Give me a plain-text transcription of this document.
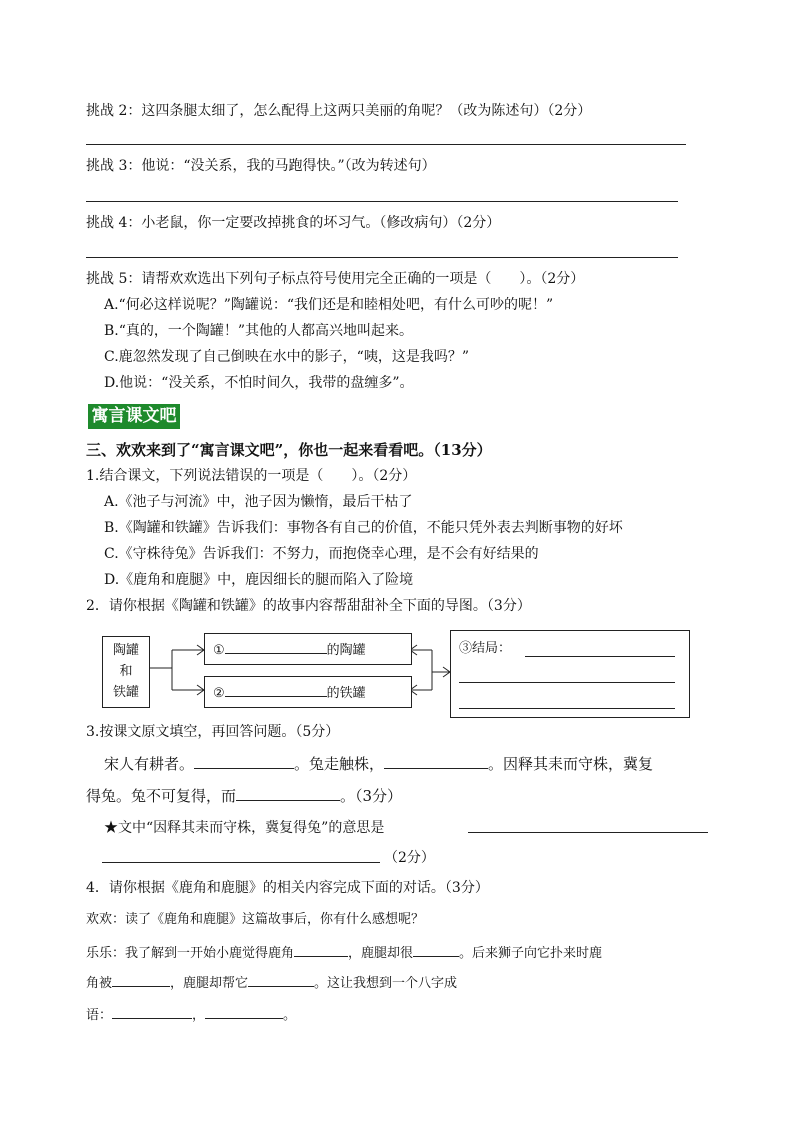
挑战 2：这四条腿太细了，怎么配得上这两只美丽的角呢？（改为陈述句）（2分）
挑战 3：他说：“没关系，我的马跑得快。”（改为转述句）
挑战 4：小老鼠，你一定要改掉挑食的坏习气。（修改病句）（2分）
挑战 5：请帮欢欢选出下列句子标点符号使用完全正确的一项是（　　）。（2分）
A.“何必这样说呢？”陶罐说：“我们还是和睦相处吧，有什么可吵的呢！”
B.“真的，一个陶罐！”其他的人都高兴地叫起来。
C.鹿忽然发现了自己倒映在水中的影子，“咦，这是我吗？”
D.他说：“没关系，不怕时间久，我带的盘缠多”。
寓言课文吧
三、欢欢来到了“寓言课文吧”，你也一起来看看吧。（13分）
1.结合课文，下列说法错误的一项是（　　）。（2分）
A.《池子与河流》中，池子因为懒惰，最后干枯了
B.《陶罐和铁罐》告诉我们：事物各有自己的价值，不能只凭外表去判断事物的好坏
C.《守株待兔》告诉我们：不努力，而抱侥幸心理，是不会有好结果的
D.《鹿角和鹿腿》中，鹿因细长的腿而陷入了险境
2．请你根据《陶罐和铁罐》的故事内容帮甜甜补全下面的导图。（3分）
陶罐
和
铁罐
①	的陶罐
②	的铁罐
③结局：
3.按课文原文填空，再回答问题。（5分）
宋人有耕者。	。兔走触株，	。因释其耒而守株，冀复
得兔。兔不可复得，而	。（3分）
★文中“因释其耒而守株，冀复得兔”的意思是
（2分）
4．请你根据《鹿角和鹿腿》的相关内容完成下面的对话。（3分）
欢欢：读了《鹿角和鹿腿》这篇故事后，你有什么感想呢？
乐乐：我了解到一开始小鹿觉得鹿角	，鹿腿却很	。后来狮子向它扑来时鹿
角被	，鹿腿却帮它	。这让我想到一个八字成
语：	，	。
